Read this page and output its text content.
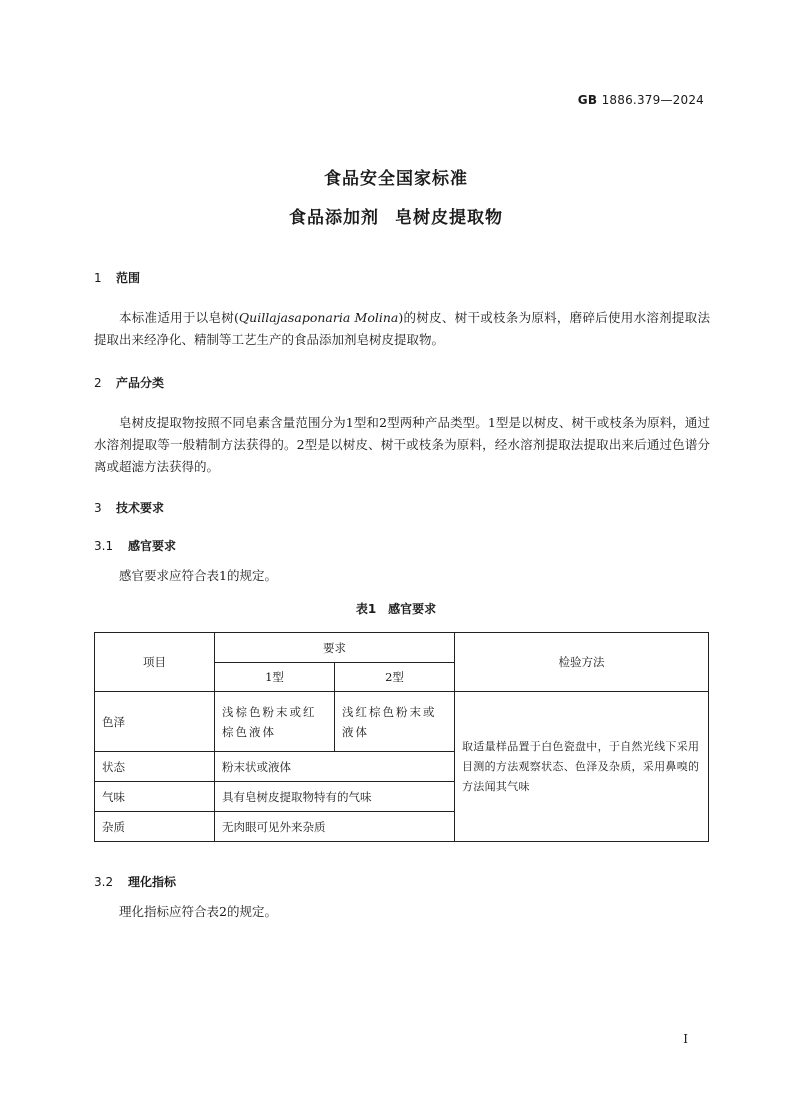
GB 1886.379—2024
食品安全国家标准
食品添加剂 皂树皮提取物
1 范围

本标准适用于以皂树(Quillajasaponaria Molina)的树皮、树干或枝条为原料，磨碎后使用水溶剂提取法提取出来经净化、精制等工艺生产的食品添加剂皂树皮提取物。

2 产品分类

皂树皮提取物按照不同皂素含量范围分为1型和2型两种产品类型。1型是以树皮、树干或枝条为原料，通过水溶剂提取等一般精制方法获得的。2型是以树皮、树干或枝条为原料，经水溶剂提取法提取出来后通过色谱分离或超滤方法获得的。

3 技术要求
3.1 感官要求

感官要求应符合表1的规定。

表1 感官要求
项目	要求		检验方法
	1型	2型	
色泽	浅棕色粉末或红棕色液体	浅红棕色粉末或液体	取适量样品置于白色瓷盘中，于自然光线下采用目测的方法观察状态、色泽及杂质，采用鼻嗅的方法闻其气味
状态	粉末状或液体		
气味	具有皂树皮提取物特有的气味		
杂质	无肉眼可见外来杂质		
3.2 理化指标

理化指标应符合表2的规定。

I
